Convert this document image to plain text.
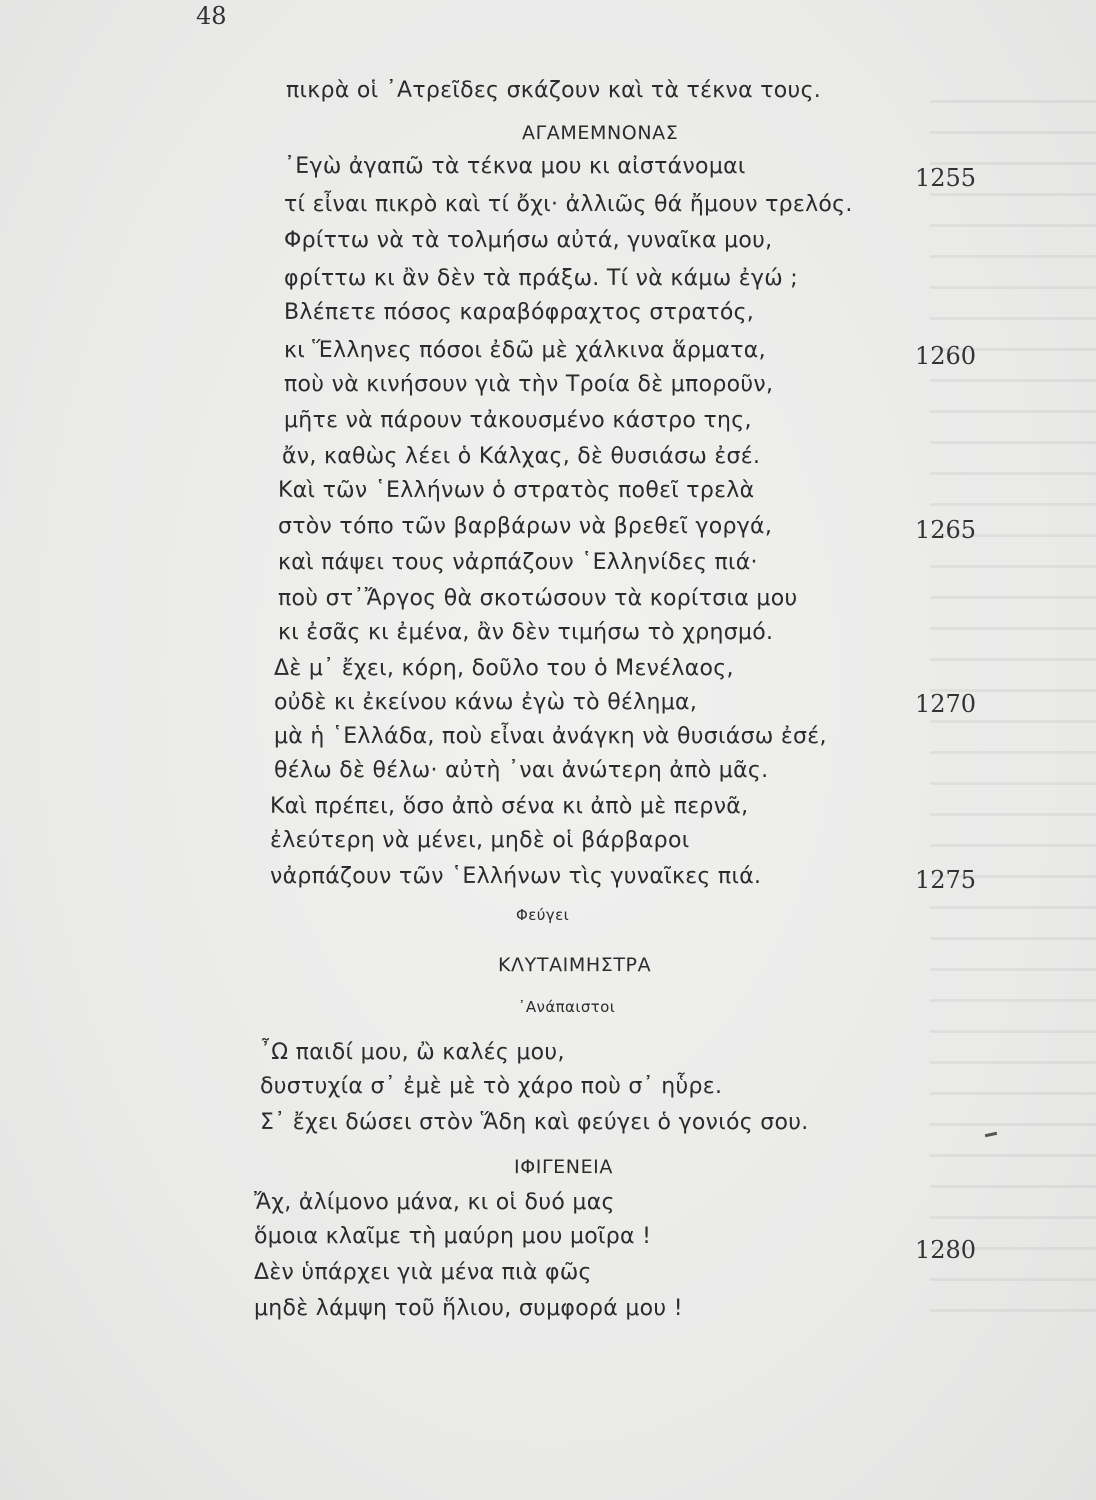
48
πικρὰ οἱ ᾿Ατρεῖδες σκάζουν καὶ τὰ τέκνα τους.
ΑΓΑΜΕΜΝΟΝΑΣ
᾿Εγὼ ἀγαπῶ τὰ τέκνα μου κι αἰστάνομαι
τί εἶναι πικρὸ καὶ τί ὄχι· ἀλλιῶς θά ἤμουν τρελός.
Φρίττω νὰ τὰ τολμήσω αὐτά, γυναῖκα μου,
φρίττω κι ἂν δὲν τὰ πράξω. Τί νὰ κάμω ἐγώ ;
Βλέπετε πόσος καραβόφραχτος στρατός,
κι Ἕλληνες πόσοι ἐδῶ μὲ χάλκινα ἅρματα,
ποὺ νὰ κινήσουν γιὰ τὴν Τροία δὲ μποροῦν,
μῆτε νὰ πάρουν τἀκουσμένο κάστρο της,
ἄν, καθὼς λέει ὁ Κάλχας, δὲ θυσιάσω ἐσέ.
Καὶ τῶν ῾Ελλήνων ὁ στρατὸς ποθεῖ τρελὰ
στὸν τόπο τῶν βαρβάρων νὰ βρεθεῖ γοργά,
καὶ πάψει τους νἀρπάζουν ῾Ελληνίδες πιά·
ποὺ στ᾿Ἄργος θὰ σκοτώσουν τὰ κορίτσια μου
κι ἐσᾶς κι ἐμένα, ἂν δὲν τιμήσω τὸ χρησμό.
Δὲ μ᾿ ἔχει, κόρη, δοῦλο του ὁ Μενέλαος,
οὐδὲ κι ἐκείνου κάνω ἐγὼ τὸ θέλημα,
μὰ ἡ ῾Ελλάδα, ποὺ εἶναι ἀνάγκη νὰ θυσιάσω ἐσέ,
θέλω δὲ θέλω· αὐτὴ ᾿ναι ἀνώτερη ἀπὸ μᾶς.
Καὶ πρέπει, ὅσο ἀπὸ σένα κι ἀπὸ μὲ περνᾶ,
ἐλεύτερη νὰ μένει, μηδὲ οἱ βάρβαροι
νἀρπάζουν τῶν ῾Ελλήνων τὶς γυναῖκες πιά.
Φεύγει
ΚΛΥΤΑΙΜΗΣΤΡΑ
᾿Ανάπαιστοι
῏Ω παιδί μου, ὢ καλές μου,
δυστυχία σ᾿ ἐμὲ μὲ τὸ χάρο ποὺ σ᾿ ηὗρε.
Σ᾿ ἔχει δώσει στὸν Ἅδη καὶ φεύγει ὁ γονιός σου.
ΙΦΙΓΕΝΕΙΑ
Ἄχ, ἀλίμονο μάνα, κι οἱ δυό μας
ὅμοια κλαῖμε τὴ μαύρη μου μοῖρα !
Δὲν ὑπάρχει γιὰ μένα πιὰ φῶς
μηδὲ λάμψη τοῦ ἥλιου, συμφορά μου !
1255
1260
1265
1270
1275
1280
